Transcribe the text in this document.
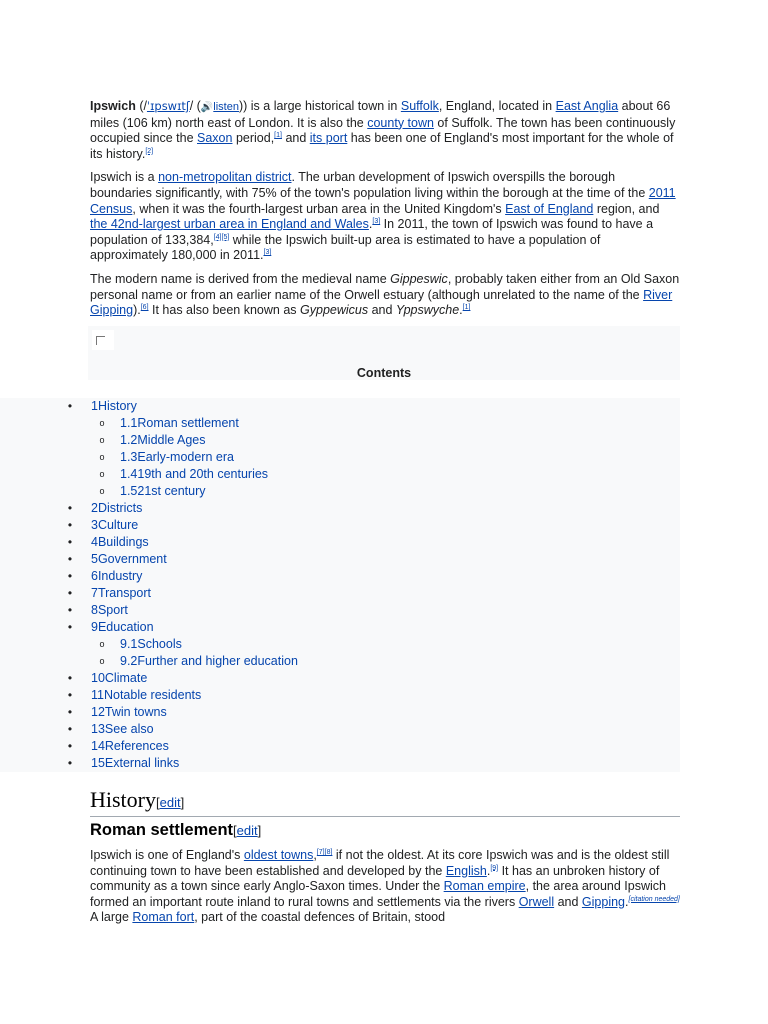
Ipswich (/ˈɪpswɪtʃ/ (🔊listen)) is a large historical town in Suffolk, England, located in East Anglia about 66 miles (106 km) north east of London. It is also the county town of Suffolk. The town has been continuously occupied since the Saxon period,[1] and its port has been one of England's most important for the whole of its history.[2]

Ipswich is a non-metropolitan district. The urban development of Ipswich overspills the borough boundaries significantly, with 75% of the town's population living within the borough at the time of the 2011 Census, when it was the fourth-largest urban area in the United Kingdom's East of England region, and the 42nd-largest urban area in England and Wales.[3] In 2011, the town of Ipswich was found to have a population of 133,384,[4][5] while the Ipswich built-up area is estimated to have a population of approximately 180,000 in 2011.[3]

The modern name is derived from the medieval name Gippeswic, probably taken either from an Old Saxon personal name or from an earlier name of the Orwell estuary (although unrelated to the name of the River Gipping).[6] It has also been known as Gyppewicus and Yppswyche.[1]

Contents
•	1History
o	1.1Roman settlement
o	1.2Middle Ages
o	1.3Early-modern era
o	1.419th and 20th centuries
o	1.521st century
•	2Districts
•	3Culture
•	4Buildings
•	5Government
•	6Industry
•	7Transport
•	8Sport
•	9Education
o	9.1Schools
o	9.2Further and higher education
•	10Climate
•	11Notable residents
•	12Twin towns
•	13See also
•	14References
•	15External links
History[edit]
Roman settlement[edit]
Ipswich is one of England's oldest towns,[7][8] if not the oldest. At its core Ipswich was and is the oldest still continuing town to have been established and developed by the English.[9] It has an unbroken history of community as a town since early Anglo-Saxon times. Under the Roman empire, the area around Ipswich formed an important route inland to rural towns and settlements via the rivers Orwell and Gipping.[citation needed] A large Roman fort, part of the coastal defences of Britain, stood
